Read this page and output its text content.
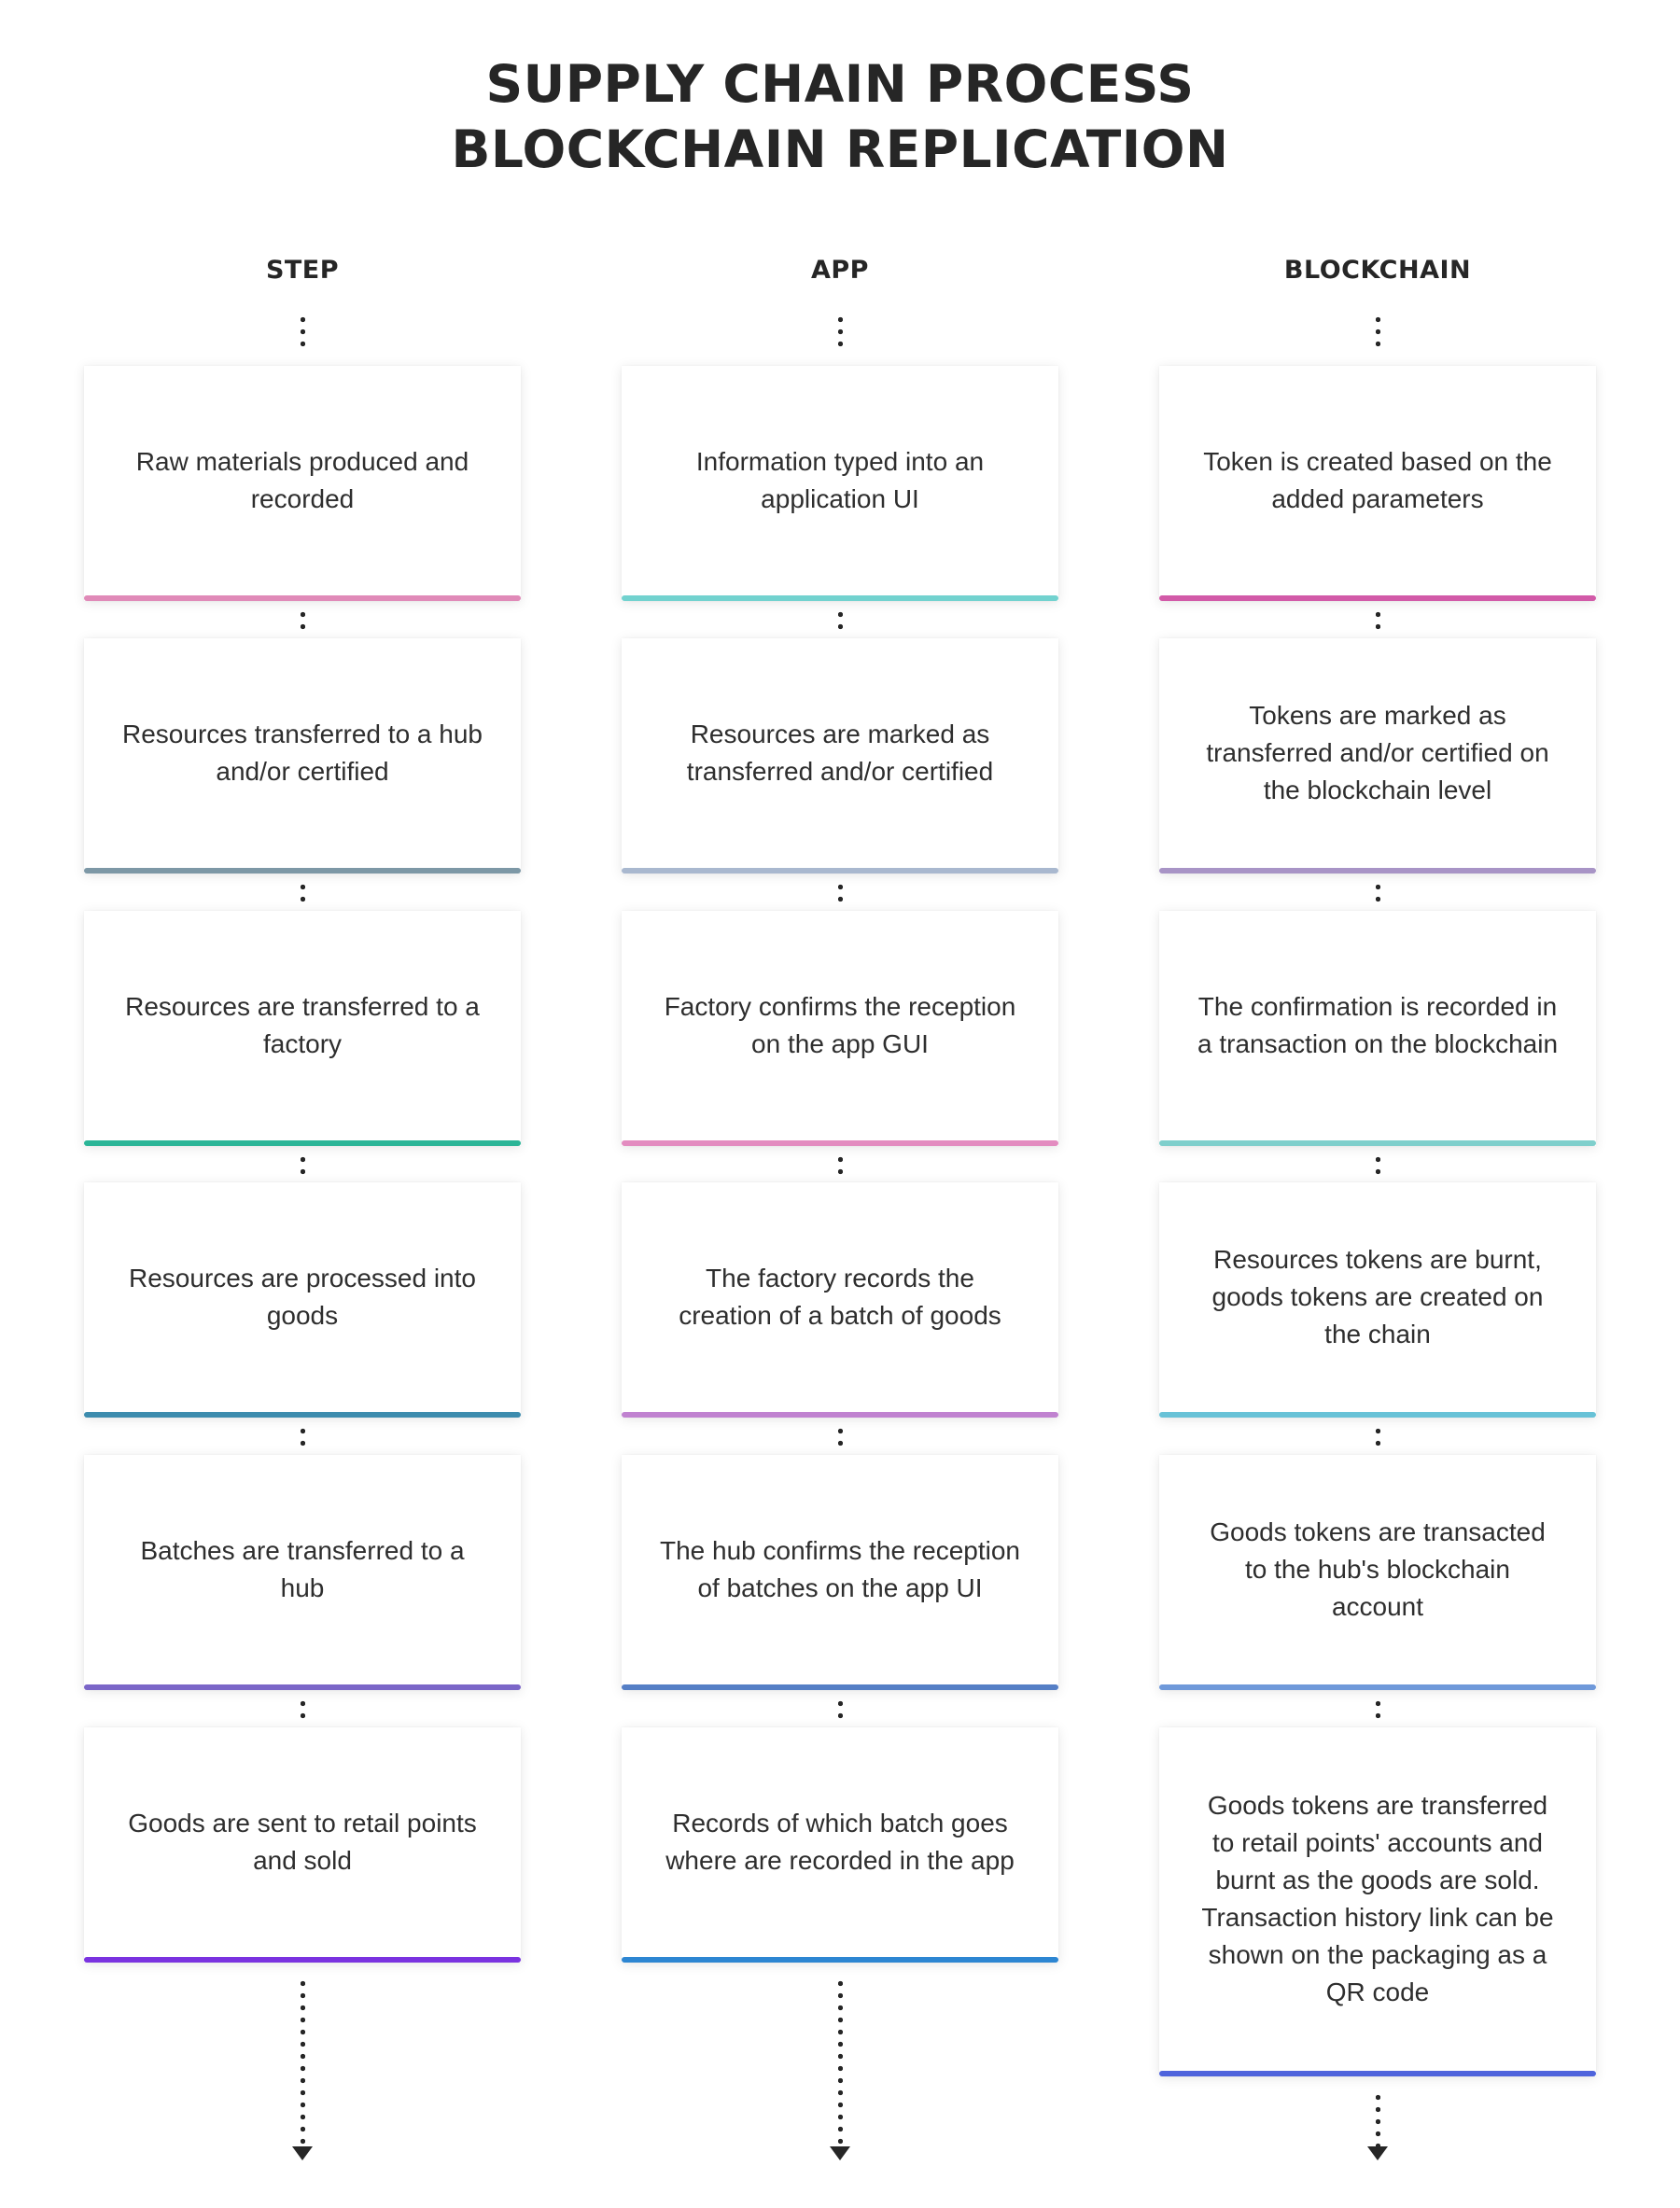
SUPPLY CHAIN PROCESS
BLOCKCHAIN REPLICATION
STEP
Raw materials produced and recorded
Resources transferred to a hub and/or certified
Resources are transferred to a factory
Resources are processed into goods
Batches are transferred to a hub
Goods are sent to retail points and sold
APP
Information typed into an application UI
Resources are marked as transferred and/or certified
Factory confirms the reception on the app GUI
The factory records the creation of a batch of goods
The hub confirms the reception of batches on the app UI
Records of which batch goes where are recorded in the app
BLOCKCHAIN
Token is created based on the added parameters
Tokens are marked as transferred and/or certified on the blockchain level
The confirmation is recorded in a transaction on the blockchain
Resources tokens are burnt, goods tokens are created on the chain
Goods tokens are transacted to the hub's blockchain account
Goods tokens are transferred to retail points' accounts and burnt as the goods are sold. Transaction history link can be shown on the packaging as a QR code
